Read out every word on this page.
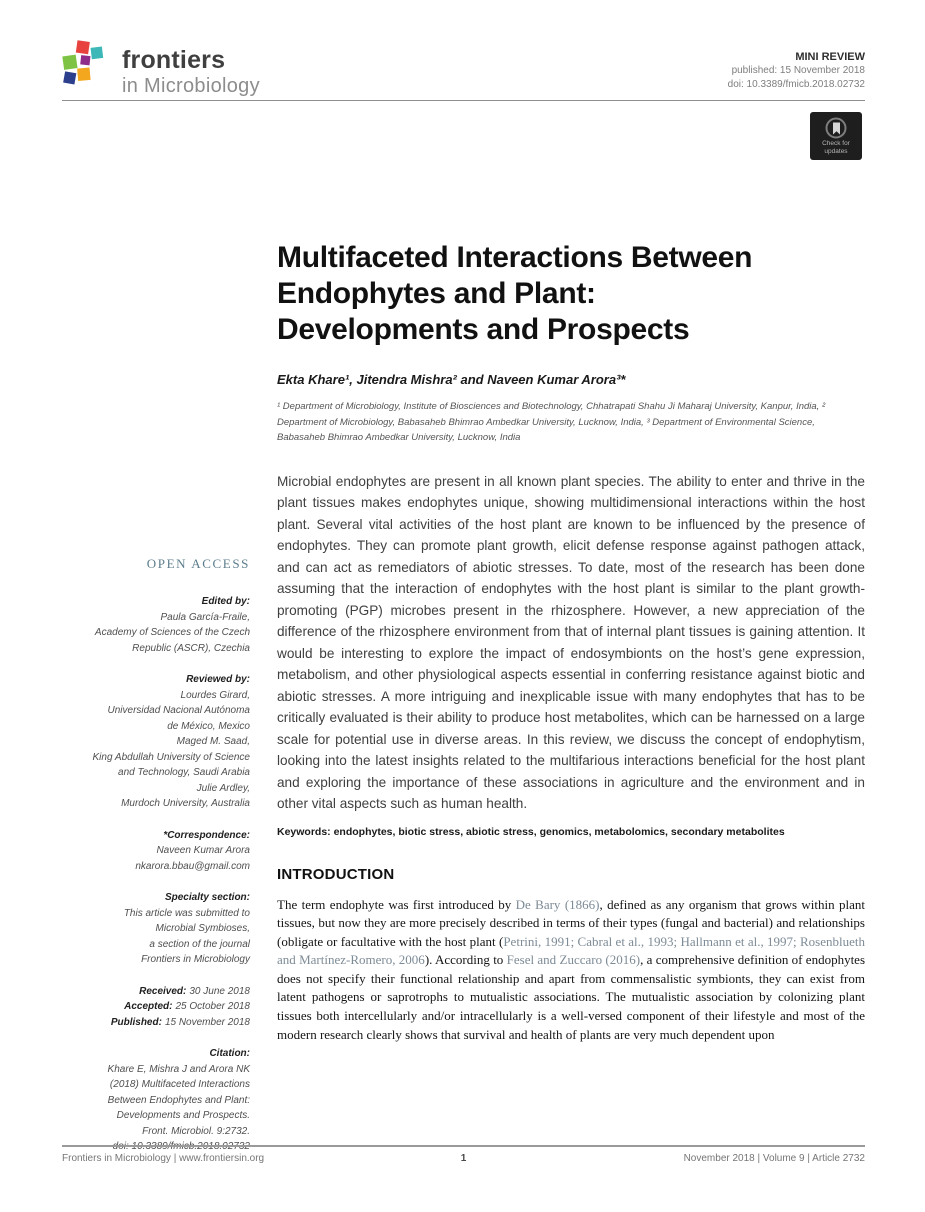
frontiers
in Microbiology
MINI REVIEW
published: 15 November 2018
doi: 10.3389/fmicb.2018.02732
Check for
updates
OPEN ACCESS
Edited by:
Paula García-Fraile,
Academy of Sciences of the Czech
Republic (ASCR), Czechia
Reviewed by:
Lourdes Girard,
Universidad Nacional Autónoma
de México, Mexico
Maged M. Saad,
King Abdullah University of Science
and Technology, Saudi Arabia
Julie Ardley,
Murdoch University, Australia
*Correspondence:
Naveen Kumar Arora
nkarora.bbau@gmail.com
Specialty section:
This article was submitted to
Microbial Symbioses,
a section of the journal
Frontiers in Microbiology
Received: 30 June 2018
Accepted: 25 October 2018
Published: 15 November 2018
Citation:
Khare E, Mishra J and Arora NK
(2018) Multifaceted Interactions
Between Endophytes and Plant:
Developments and Prospects.
Front. Microbiol. 9:2732.
Multifaceted Interactions Between
Endophytes and Plant:
Developments and Prospects
Ekta Khare¹, Jitendra Mishra² and Naveen Kumar Arora³*
¹ Department of Microbiology, Institute of Biosciences and Biotechnology, Chhatrapati Shahu Ji Maharaj University, Kanpur, India, ² Department of Microbiology, Babasaheb Bhimrao Ambedkar University, Lucknow, India, ³ Department of Environmental Science, Babasaheb Bhimrao Ambedkar University, Lucknow, India
Microbial endophytes are present in all known plant species. The ability to enter and thrive in the plant tissues makes endophytes unique, showing multidimensional interactions within the host plant. Several vital activities of the host plant are known to be influenced by the presence of endophytes. They can promote plant growth, elicit defense response against pathogen attack, and can act as remediators of abiotic stresses. To date, most of the research has been done assuming that the interaction of endophytes with the host plant is similar to the plant growth-promoting (PGP) microbes present in the rhizosphere. However, a new appreciation of the difference of the rhizosphere environment from that of internal plant tissues is gaining attention. It would be interesting to explore the impact of endosymbionts on the host’s gene expression, metabolism, and other physiological aspects essential in conferring resistance against biotic and abiotic stresses. A more intriguing and inexplicable issue with many endophytes that has to be critically evaluated is their ability to produce host metabolites, which can be harnessed on a large scale for potential use in diverse areas. In this review, we discuss the concept of endophytism, looking into the latest insights related to the multifarious interactions beneficial for the host plant and exploring the importance of these associations in agriculture and the environment and in other vital aspects such as human health.
Keywords: endophytes, biotic stress, abiotic stress, genomics, metabolomics, secondary metabolites
INTRODUCTION

The term endophyte was first introduced by De Bary (1866), defined as any organism that grows within plant tissues, but now they are more precisely described in terms of their types (fungal and bacterial) and relationships (obligate or facultative with the host plant (Petrini, 1991; Cabral et al., 1993; Hallmann et al., 1997; Rosenblueth and Martínez-Romero, 2006). According to Fesel and Zuccaro (2016), a comprehensive definition of endophytes does not specify their functional relationship and apart from commensalistic symbionts, they can exist from latent pathogens or saprotrophs to mutualistic associations. The mutualistic association by colonizing plant tissues both intercellularly and/or intracellularly is a well-versed component of their lifestyle and most of the modern research clearly shows that survival and health of plants are very much dependent upon

Frontiers in Microbiology | www.frontiersin.org	1	November 2018 | Volume 9 | Article 2732
